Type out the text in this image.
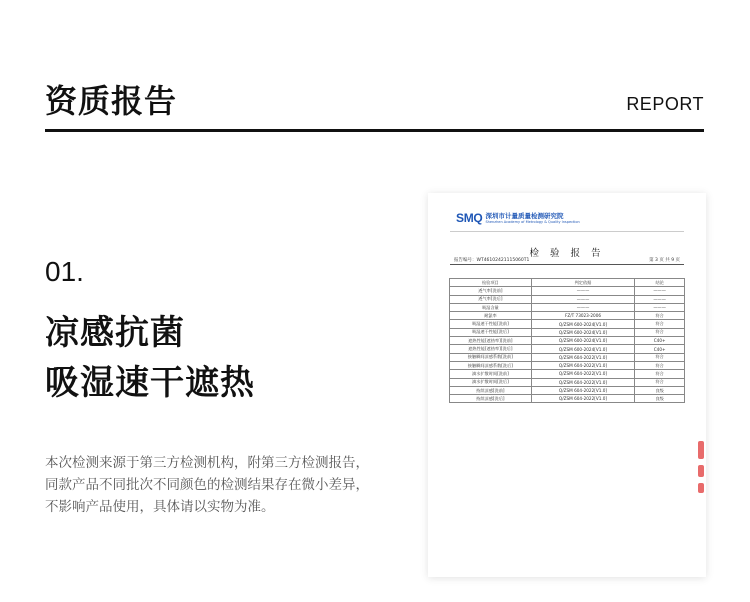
资质报告	REPORT
01.
凉感抗菌
吸湿速干遮热
本次检测来源于第三方检测机构，附第三方检测报告，
同款产品不同批次不同颜色的检测结果存在微小差异，
不影响产品使用，具体请以实物为准。
SMQ 深圳市计量质量检测研究院
Shenzhen Academy of Metrology & Quality Inspection
检 验 报 告
报告编号：WT46102421115060T1	第 3 页 共 9 页
检验项目	判定依据	结论
透气率[洗前]	———	———
透气率[洗后]	———	———
吸湿含量	———	———
耐氯率	FZ/T 73023-2006	符合
吸湿速干性能[洗前]	Q/ZSM 600-2024[V1.0]	符合
吸湿速干性能[洗后]	Q/ZSM 600-2024[V1.0]	符合
遮热性能[遮热率][洗前]	Q/ZSM 600-2024[V1.0]	C40+
遮热性能[遮热率][洗后]	Q/ZSM 600-2024[V1.0]	C40+
接触瞬间凉感系数[洗前]	Q/ZSM 604-2022[V1.0]	符合
接触瞬间凉感系数[洗后]	Q/ZSM 604-2022[V1.0]	符合
滴水扩散时间[洗前]	Q/ZSM 604-2022[V1.0]	符合
滴水扩散时间[洗后]	Q/ZSM 604-2022[V1.0]	符合
持续凉感[洗前]	Q/ZSM 604-2022[V1.0]	良级
持续凉感[洗后]	Q/ZSM 604-2022[V1.0]	良级
